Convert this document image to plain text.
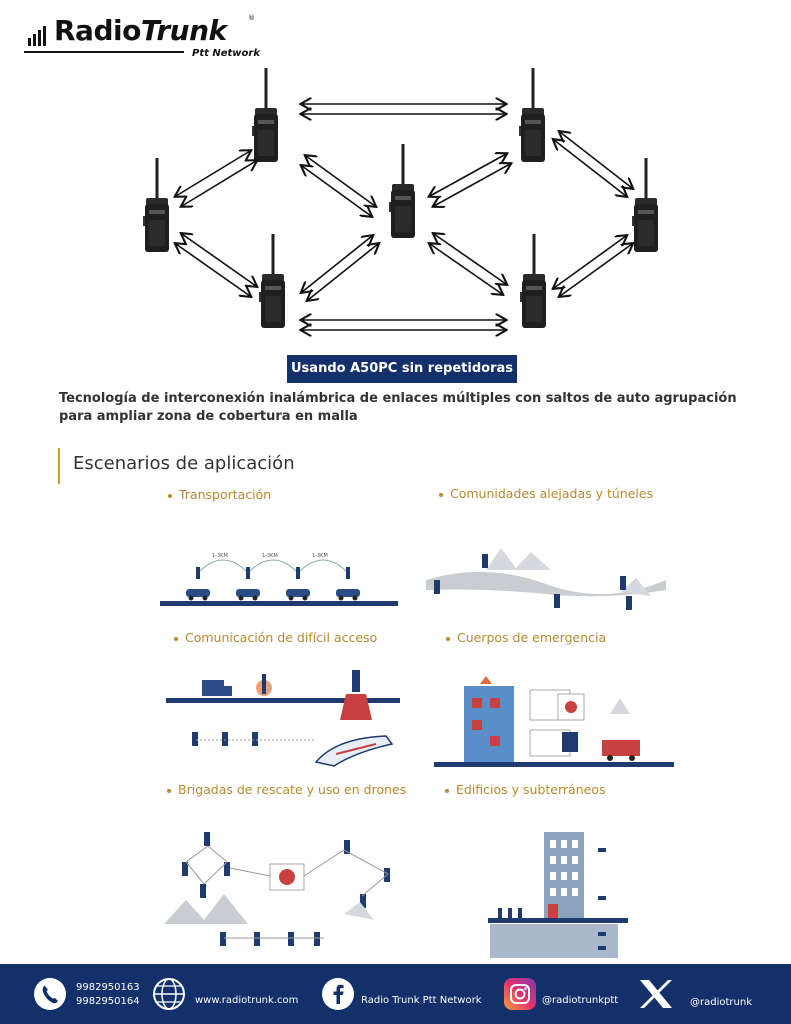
RadioTrunk	®
Ptt Network
Usando A50PC sin repetidoras
Tecnología de interconexión inalámbrica de enlaces múltiples con saltos de auto agrupación para ampliar zona de cobertura en malla
Escenarios de aplicación
Transportación	Comunidades alejadas y túneles
Comunicación de difícil acceso	Cuerpos de emergencia
Brigadas de rescate y uso en drones	Edificios y subterráneos
1-3KM	1-3KM	1-3KM
9982950163
9982950164	www.radiotrunk.com	Radio Trunk Ptt Network	@radiotrunkptt	@radiotrunk
